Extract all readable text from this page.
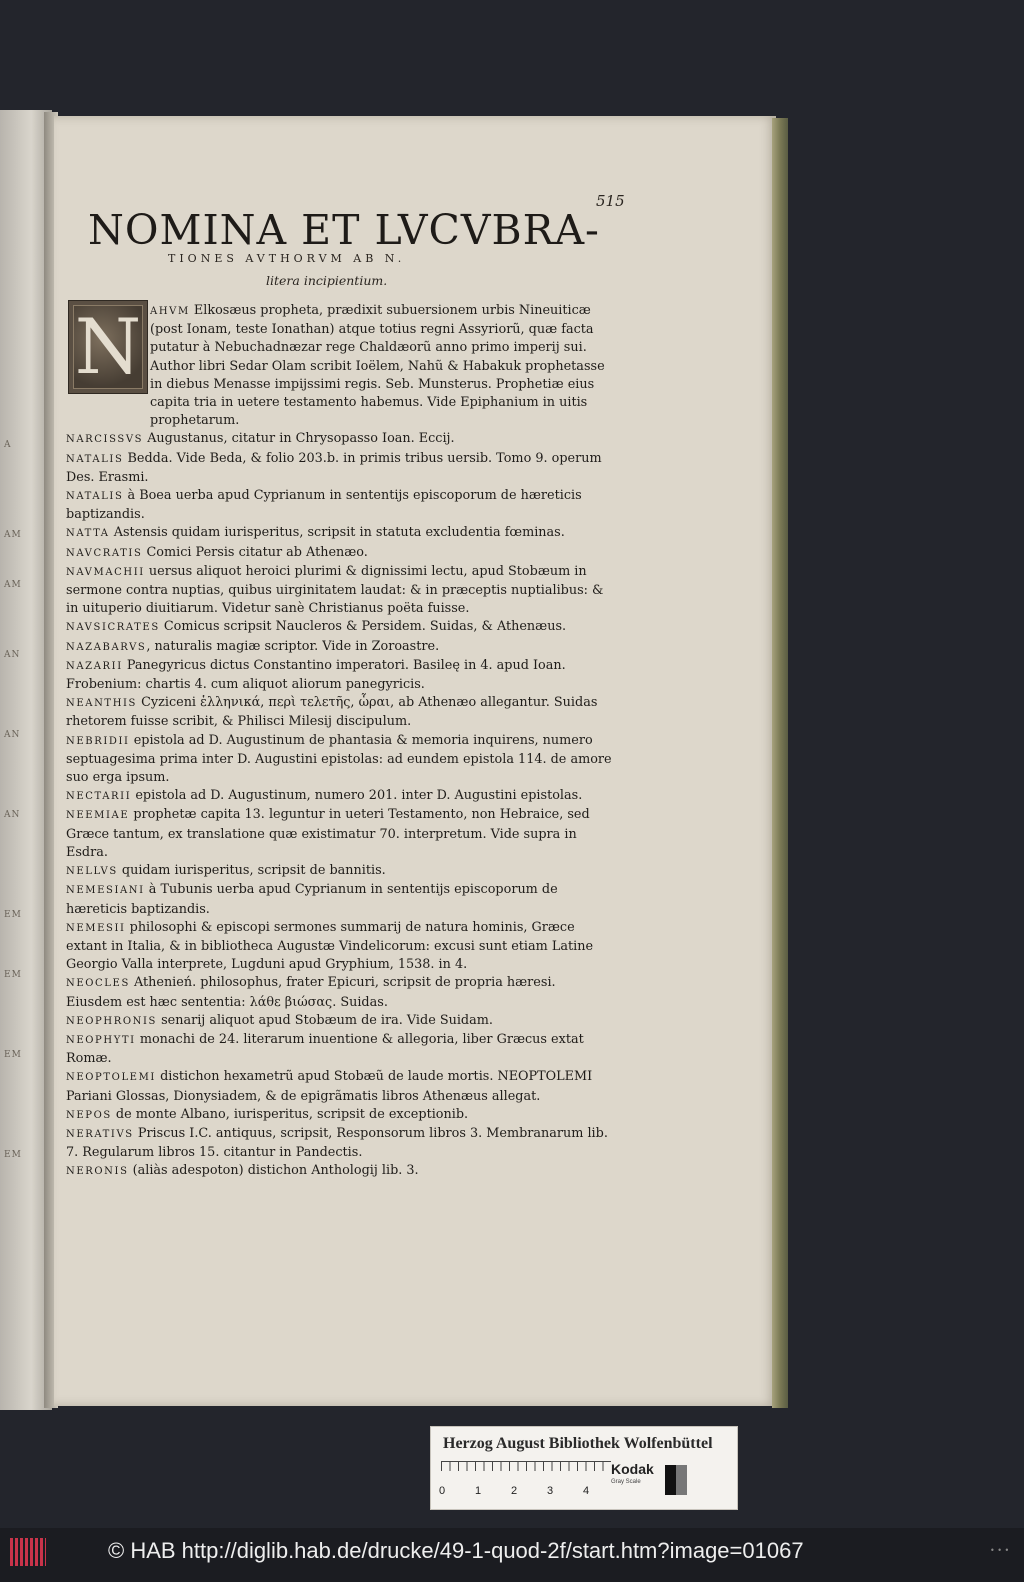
A
AM
AM
AN
AN
AN
EM
EM
EM
EM
515
NOMINA ET LVCVBRA-
TIONES AVTHORVM AB N.
litera incipientium.

AHVM Elkosæus propheta, prædixit subuersionem urbis Nineuiticæ (post Ionam, teste Ionathan) atque totius regni Assyriorũ, quæ facta putatur à Nebuchadnæzar rege Chaldæorũ anno primo imperij sui. Author libri Sedar Olam scribit Ioëlem, Nahũ & Habakuk prophetasse in diebus Menasse impijssimi regis. Seb. Munsterus. Prophetiæ eius capita tria in uetere testamento habemus. Vide Epiphanium in uitis prophetarum.

NARCISSVS Augustanus, citatur in Chrysopasso Ioan. Eccij.

NATALIS Bedda. Vide Beda, & folio 203.b. in primis tribus uersib. Tomo 9. operum Des. Erasmi.

NATALIS à Boea uerba apud Cyprianum in sententijs episcoporum de hæreticis baptizandis.

NATTA Astensis quidam iurisperitus, scripsit in statuta excludentia fœminas.

NAVCRATIS Comici Persis citatur ab Athenæo.

NAVMACHII uersus aliquot heroici plurimi & dignissimi lectu, apud Stobæum in sermone contra nuptias, quibus uirginitatem laudat: & in præceptis nuptialibus: & in uituperio diuitiarum. Videtur sanè Christianus poëta fuisse.

NAVSICRATES Comicus scripsit Naucleros & Persidem. Suidas, & Athenæus.

NAZABARVS, naturalis magiæ scriptor. Vide in Zoroastre.

NAZARII Panegyricus dictus Constantino imperatori. Basileę in 4. apud Ioan. Frobenium: chartis 4. cum aliquot aliorum panegyricis.

NEANTHIS Cyziceni ἑλληνικά, περὶ τελετῆς, ὧραι, ab Athenæo allegantur. Suidas rhetorem fuisse scribit, & Philisci Milesij discipulum.

NEBRIDII epistola ad D. Augustinum de phantasia & memoria inquirens, numero septuagesima prima inter D. Augustini epistolas: ad eundem epistola 114. de amore suo erga ipsum.

NECTARII epistola ad D. Augustinum, numero 201. inter D. Augustini epistolas.

NEEMIAE prophetæ capita 13. leguntur in ueteri Testamento, non Hebraice, sed Græce tantum, ex translatione quæ existimatur 70. interpretum. Vide supra in Esdra.

NELLVS quidam iurisperitus, scripsit de bannitis.

NEMESIANI à Tubunis uerba apud Cyprianum in sententijs episcoporum de hæreticis baptizandis.

NEMESII philosophi & episcopi sermones summarij de natura hominis, Græce extant in Italia, & in bibliotheca Augustæ Vindelicorum: excusi sunt etiam Latine Georgio Valla interprete, Lugduni apud Gryphium, 1538. in 4.

NEOCLES Athenień. philosophus, frater Epicuri, scripsit de propria hæresi. Eiusdem est hæc sententia: λάθε βιώσας. Suidas.

NEOPHRONIS senarij aliquot apud Stobæum de ira. Vide Suidam.

NEOPHYTI monachi de 24. literarum inuentione & allegoria, liber Græcus extat Romæ.

NEOPTOLEMI distichon hexametrũ apud Stobæũ de laude mortis. NEOPTOLEMI Pariani Glossas, Dionysiadem, & de epigrãmatis libros Athenæus allegat.

NEPOS de monte Albano, iurisperitus, scripsit de exceptionib.

NERATIVS Priscus I.C. antiquus, scripsit, Responsorum libros 3. Membranarum lib. 7. Regularum libros 15. citantur in Pandectis.

NERONIS (aliàs adespoton) distichon Anthologij lib. 3.

N
Herzog August Bibliothek Wolfenbüttel
0	1	2	3	4
Kodak
Gray Scale
© HAB http://diglib.hab.de/drucke/49-1-quod-2f/start.htm?image=01067	• • •
